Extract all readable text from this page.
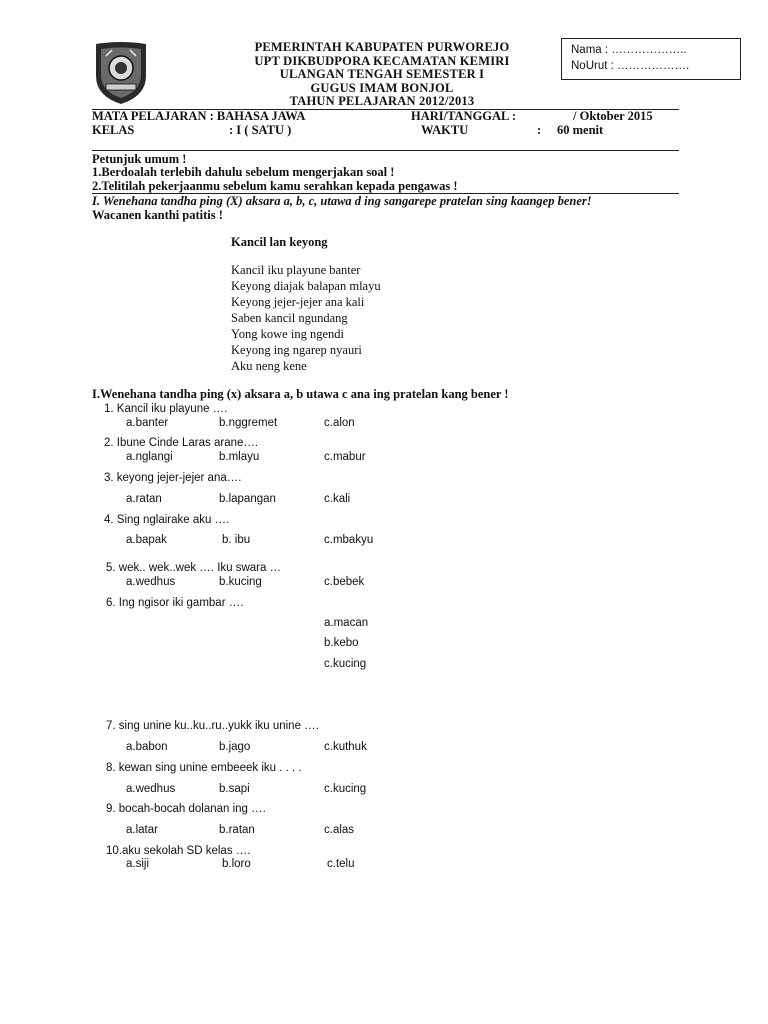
PEMERINTAH KABUPATEN PURWOREJO
UPT DIKBUDPORA KECAMATAN KEMIRI
ULANGAN TENGAH SEMESTER I
GUGUS IMAM BONJOL
TAHUN PELAJARAN 2012/2013
Nama : ………………..
NoUrut : ……………….
MATA PELAJARAN : BAHASA JAWA	HARI/TANGGAL :	/ Oktober 2015
KELAS	: I ( SATU )	WAKTU	: 60 menit
Petunjuk umum !
1.Berdoalah terlebih dahulu sebelum mengerjakan soal !
2.Telitilah pekerjaanmu sebelum kamu serahkan kepada pengawas !
I. Wenehana tandha ping (X) aksara a, b, c, utawa d ing sangarepe pratelan sing kaangep bener!
Wacanen kanthi patitis !
Kancil lan keyong
Kancil iku playune banter
Keyong diajak balapan mlayu
Keyong jejer-jejer ana kali
Saben kancil ngundang
Yong kowe ing ngendi
Keyong ing ngarep nyauri
Aku neng kene
I.Wenehana tandha ping (x) aksara a, b utawa c ana ing pratelan kang bener !
1. Kancil iku playune ….
a.banter	b.nggremet	c.alon
2. Ibune Cinde Laras arane….
a.nglangi	b.mlayu	c.mabur
3. keyong jejer-jejer ana….
a.ratan	b.lapangan	c.kali
4. Sing nglairake aku ….
a.bapak	b. ibu	c.mbakyu
5. wek.. wek..wek …. Iku swara …
a.wedhus	b.kucing	c.bebek
6. Ing ngisor iki gambar ….
a.macan
b.kebo
c.kucing
7. sing unine ku..ku..ru..yukk iku unine ….
a.babon	b.jago	c.kuthuk
8. kewan sing unine embeeek iku . . . .
a.wedhus	b.sapi	c.kucing
9. bocah-bocah dolanan ing ….
a.latar	b.ratan	c.alas
10.aku sekolah SD kelas ….
a.siji	b.loro	c.telu
